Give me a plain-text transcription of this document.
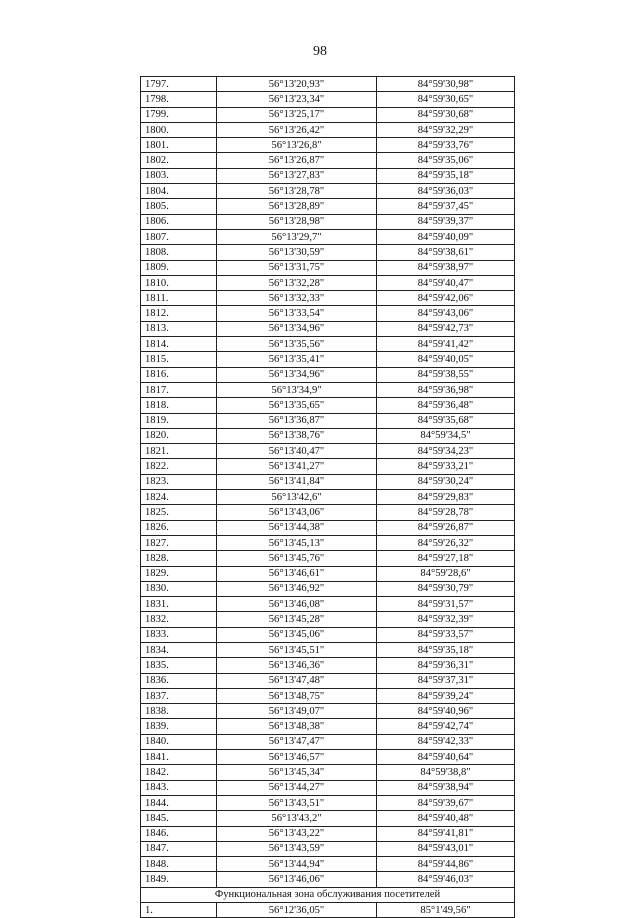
98
1797.	56°13'20,93"	84°59'30,98"
1798.	56°13'23,34"	84°59'30,65"
1799.	56°13'25,17"	84°59'30,68"
1800.	56°13'26,42"	84°59'32,29"
1801.	56°13'26,8"	84°59'33,76"
1802.	56°13'26,87"	84°59'35,06"
1803.	56°13'27,83"	84°59'35,18"
1804.	56°13'28,78"	84°59'36,03"
1805.	56°13'28,89"	84°59'37,45"
1806.	56°13'28,98"	84°59'39,37"
1807.	56°13'29,7"	84°59'40,09"
1808.	56°13'30,59"	84°59'38,61"
1809.	56°13'31,75"	84°59'38,97"
1810.	56°13'32,28"	84°59'40,47"
1811.	56°13'32,33"	84°59'42,06"
1812.	56°13'33,54"	84°59'43,06"
1813.	56°13'34,96"	84°59'42,73"
1814.	56°13'35,56"	84°59'41,42"
1815.	56°13'35,41"	84°59'40,05"
1816.	56°13'34,96"	84°59'38,55"
1817.	56°13'34,9"	84°59'36,98"
1818.	56°13'35,65"	84°59'36,48"
1819.	56°13'36,87"	84°59'35,68"
1820.	56°13'38,76"	84°59'34,5"
1821.	56°13'40,47"	84°59'34,23"
1822.	56°13'41,27"	84°59'33,21"
1823.	56°13'41,84"	84°59'30,24"
1824.	56°13'42,6"	84°59'29,83"
1825.	56°13'43,06"	84°59'28,78"
1826.	56°13'44,38"	84°59'26,87"
1827.	56°13'45,13"	84°59'26,32"
1828.	56°13'45,76"	84°59'27,18"
1829.	56°13'46,61"	84°59'28,6"
1830.	56°13'46,92"	84°59'30,79"
1831.	56°13'46,08"	84°59'31,57"
1832.	56°13'45,28"	84°59'32,39"
1833.	56°13'45,06"	84°59'33,57"
1834.	56°13'45,51"	84°59'35,18"
1835.	56°13'46,36"	84°59'36,31"
1836.	56°13'47,48"	84°59'37,31"
1837.	56°13'48,75"	84°59'39,24"
1838.	56°13'49,07"	84°59'40,96"
1839.	56°13'48,38"	84°59'42,74"
1840.	56°13'47,47"	84°59'42,33"
1841.	56°13'46,57"	84°59'40,64"
1842.	56°13'45,34"	84°59'38,8"
1843.	56°13'44,27"	84°59'38,94"
1844.	56°13'43,51"	84°59'39,67"
1845.	56°13'43,2"	84°59'40,48"
1846.	56°13'43,22"	84°59'41,81"
1847.	56°13'43,59"	84°59'43,01"
1848.	56°13'44,94"	84°59'44,86"
1849.	56°13'46,06"	84°59'46,03"
Функциональная зона обслуживания посетителей		
1.	56°12'36,05"	85°1'49,56"
